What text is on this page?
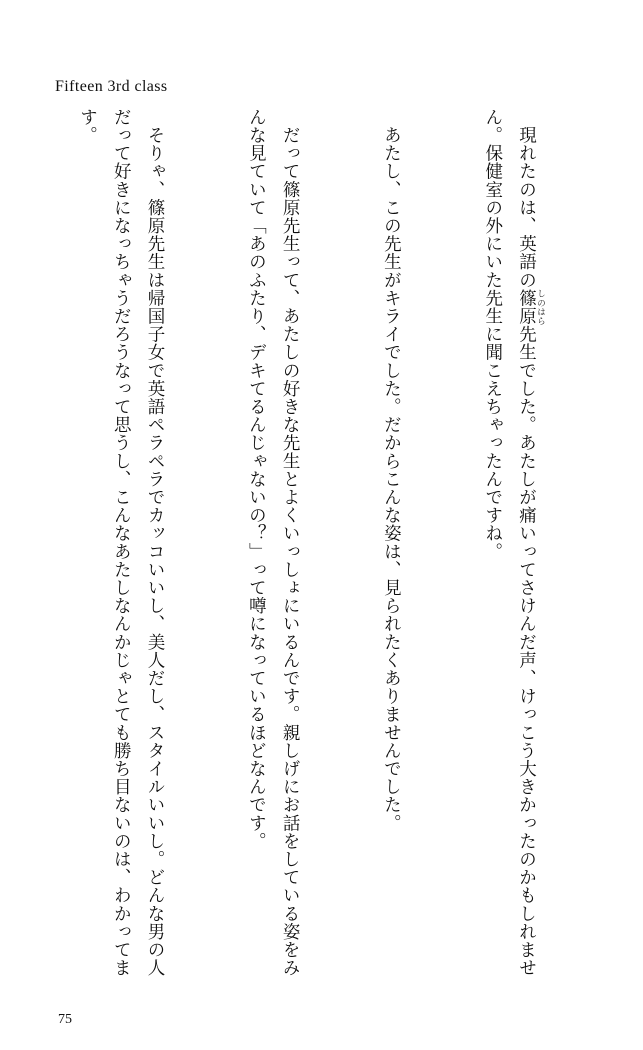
Fifteen 3rd class

　現れたのは、英語の篠原 しのはら先生でした。あたしが痛いってさけんだ声、けっこう大きかったのかもしれません。保健室の外にいた先生に聞こえちゃったんですね。

　あたし、この先生がキライでした。だからこんな姿は、見られたくありませんでした。

　だって篠原先生って、あたしの好きな先生とよくいっしょにいるんです。親しげにお話をしている姿をみんな見ていて「あのふたり、デキてるんじゃないの？」って噂になっているほどなんです。

　そりゃ、篠原先生は帰国子女で英語ペラペラでカッコいいし、美人だし、スタイルいいし。どんな男の人だって好きになっちゃうだろうなって思うし、こんなあたしなんかじゃとても勝ち目ないのは、わかってます。

75
